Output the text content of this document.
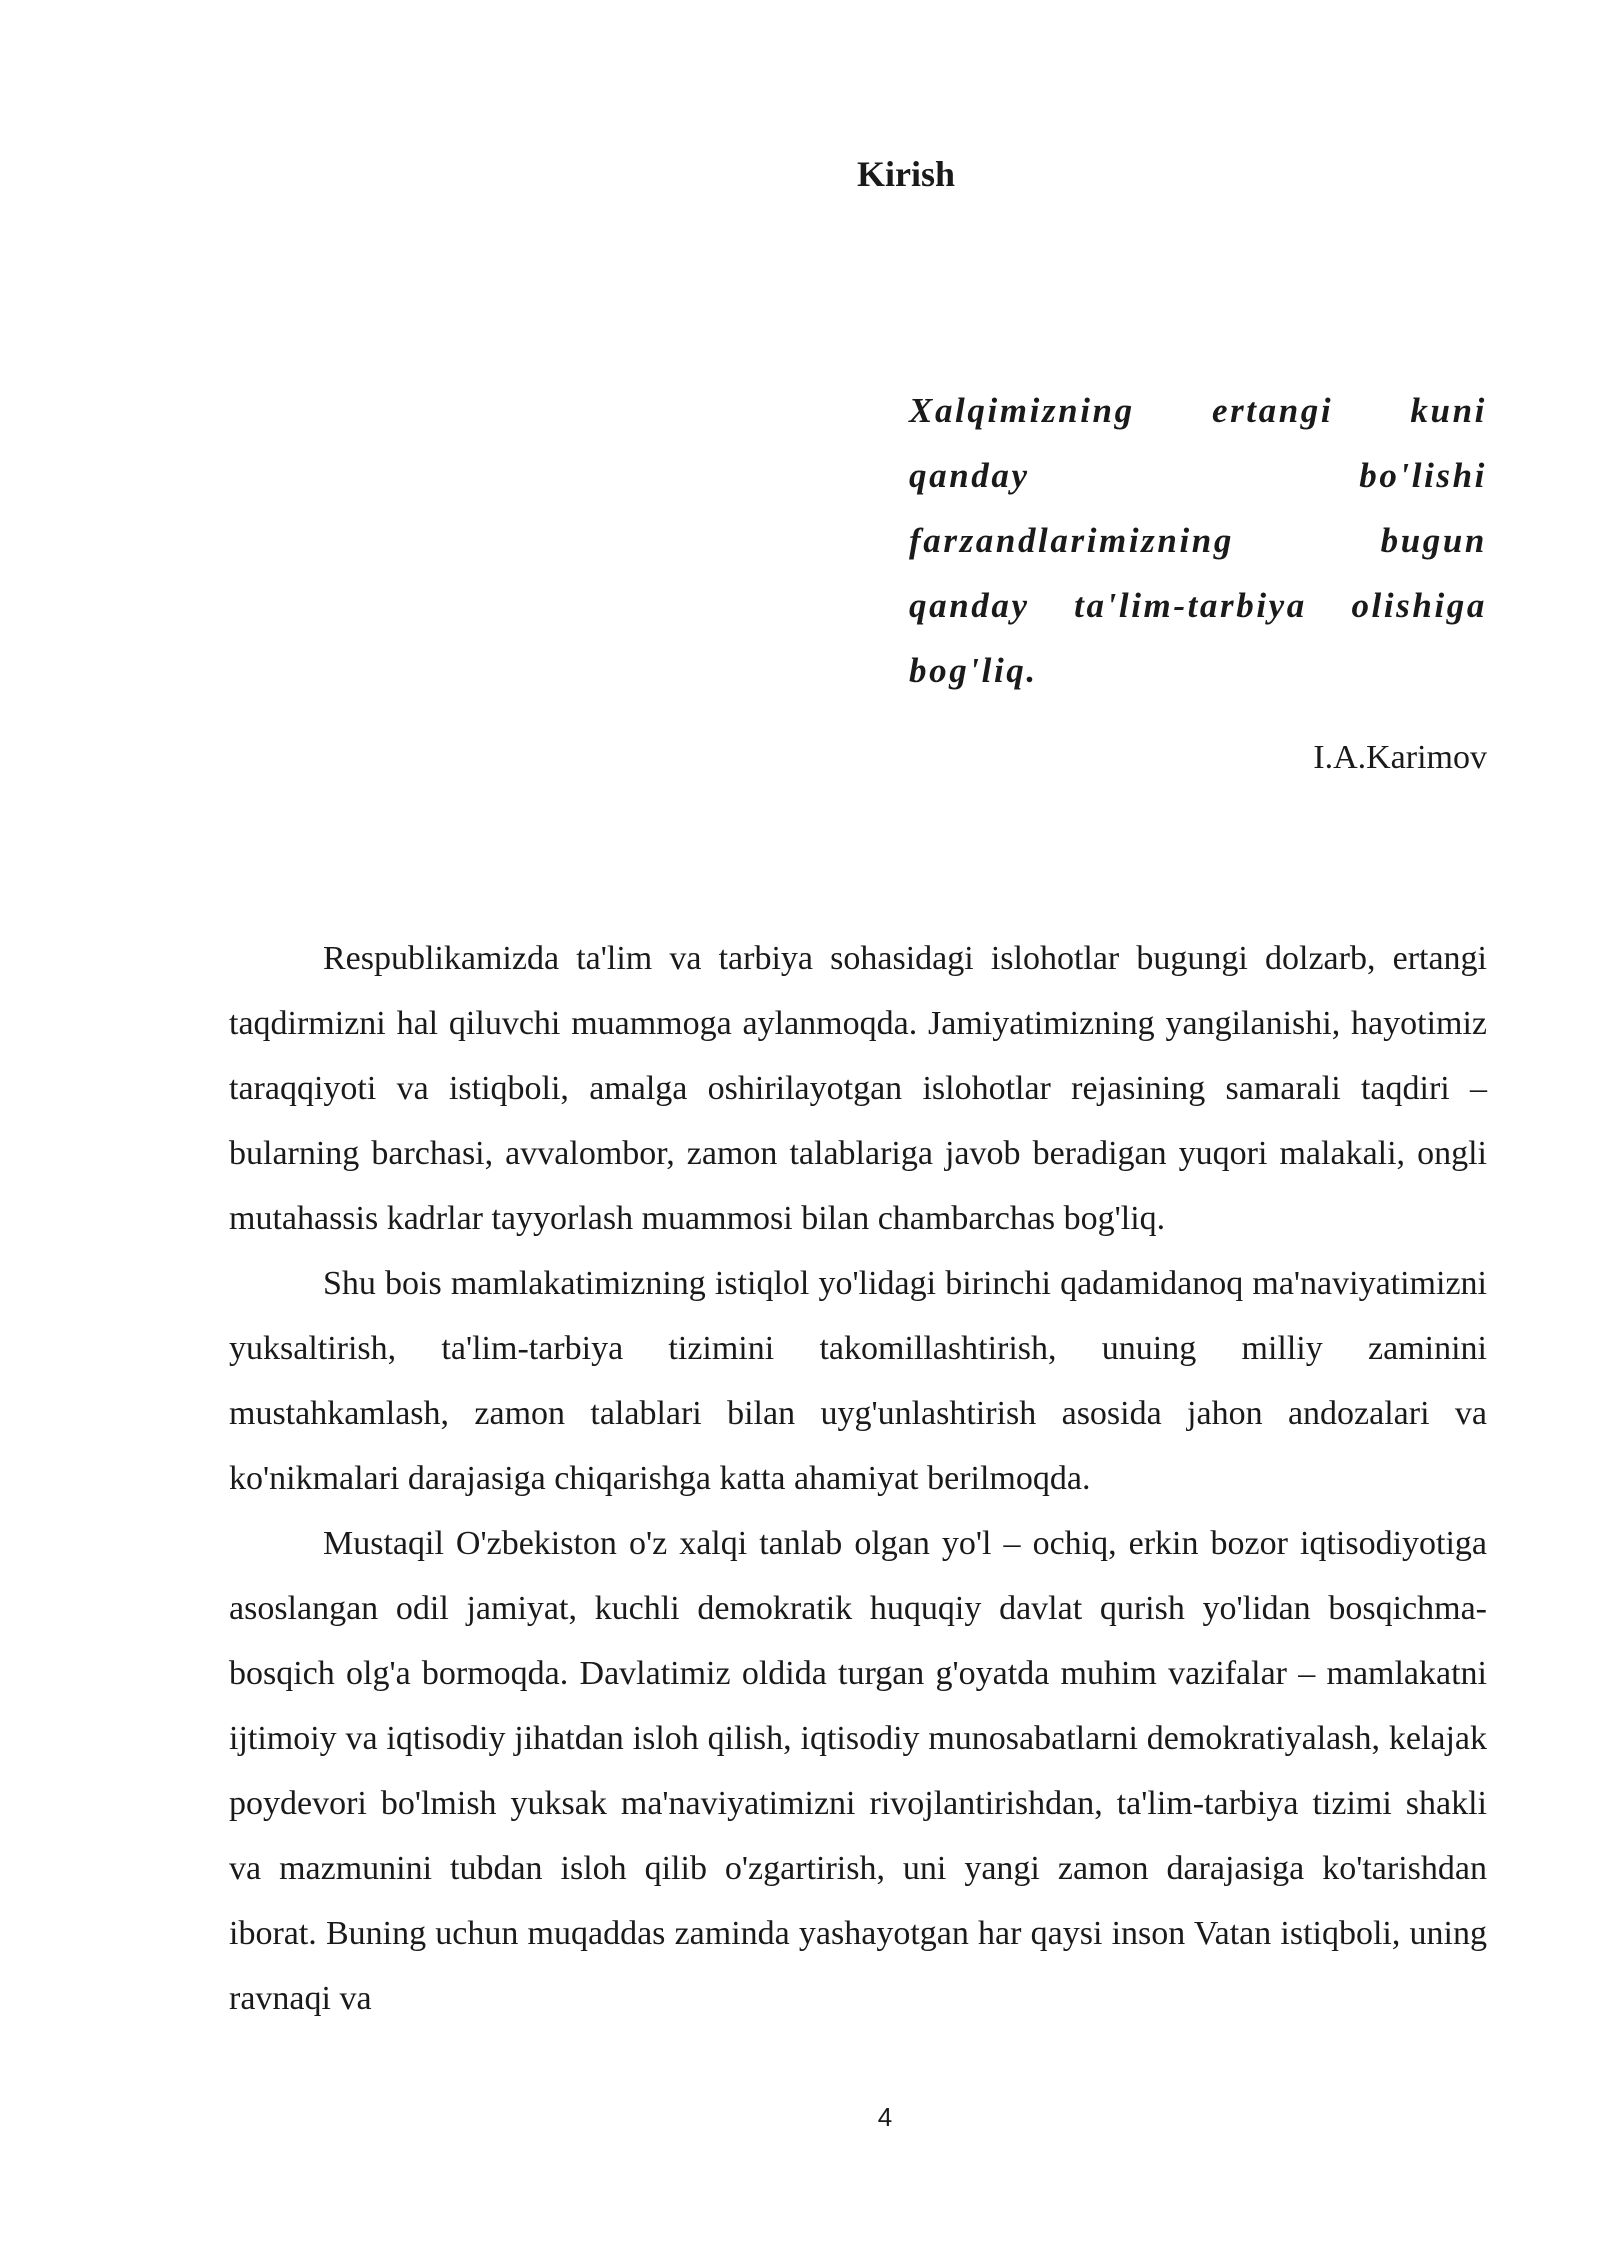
Kirish
Xalqimizning ertangi kuni
qanday bo'lishi
farzandlarimizning bugun
qanday ta'lim-tarbiya olishiga
bog'liq.
I.A.Karimov

Respublikamizda ta'lim va tarbiya sohasidagi islohotlar bugungi dolzarb, ertangi taqdirmizni hal qiluvchi muammoga aylanmoqda. Jamiyatimizning yangilanishi, hayotimiz taraqqiyoti va istiqboli, amalga oshirilayotgan islohotlar rejasining samarali taqdiri – bularning barchasi, avvalombor, zamon talablariga javob beradigan yuqori malakali, ongli mutahassis kadrlar tayyorlash muammosi bilan chambarchas bog'liq.

Shu bois mamlakatimizning istiqlol yo'lidagi birinchi qadamidanoq ma'naviyatimizni yuksaltirish, ta'lim-tarbiya tizimini takomillashtirish, unuing milliy zaminini mustahkamlash, zamon talablari bilan uyg'unlashtirish asosida jahon andozalari va ko'nikmalari darajasiga chiqarishga katta ahamiyat berilmoqda.

Mustaqil O'zbekiston o'z xalqi tanlab olgan yo'l – ochiq, erkin bozor iqtisodiyotiga asoslangan odil jamiyat, kuchli demokratik huquqiy davlat qurish yo'lidan bosqichma-bosqich olg'a bormoqda. Davlatimiz oldida turgan g'oyatda muhim vazifalar – mamlakatni ijtimoiy va iqtisodiy jihatdan isloh qilish, iqtisodiy munosabatlarni demokratiyalash, kelajak poydevori bo'lmish yuksak ma'naviyatimizni rivojlantirishdan, ta'lim-tarbiya tizimi shakli va mazmunini tubdan isloh qilib o'zgartirish, uni yangi zamon darajasiga ko'tarishdan iborat. Buning uchun muqaddas zaminda yashayotgan har qaysi inson Vatan istiqboli, uning ravnaqi va

4
